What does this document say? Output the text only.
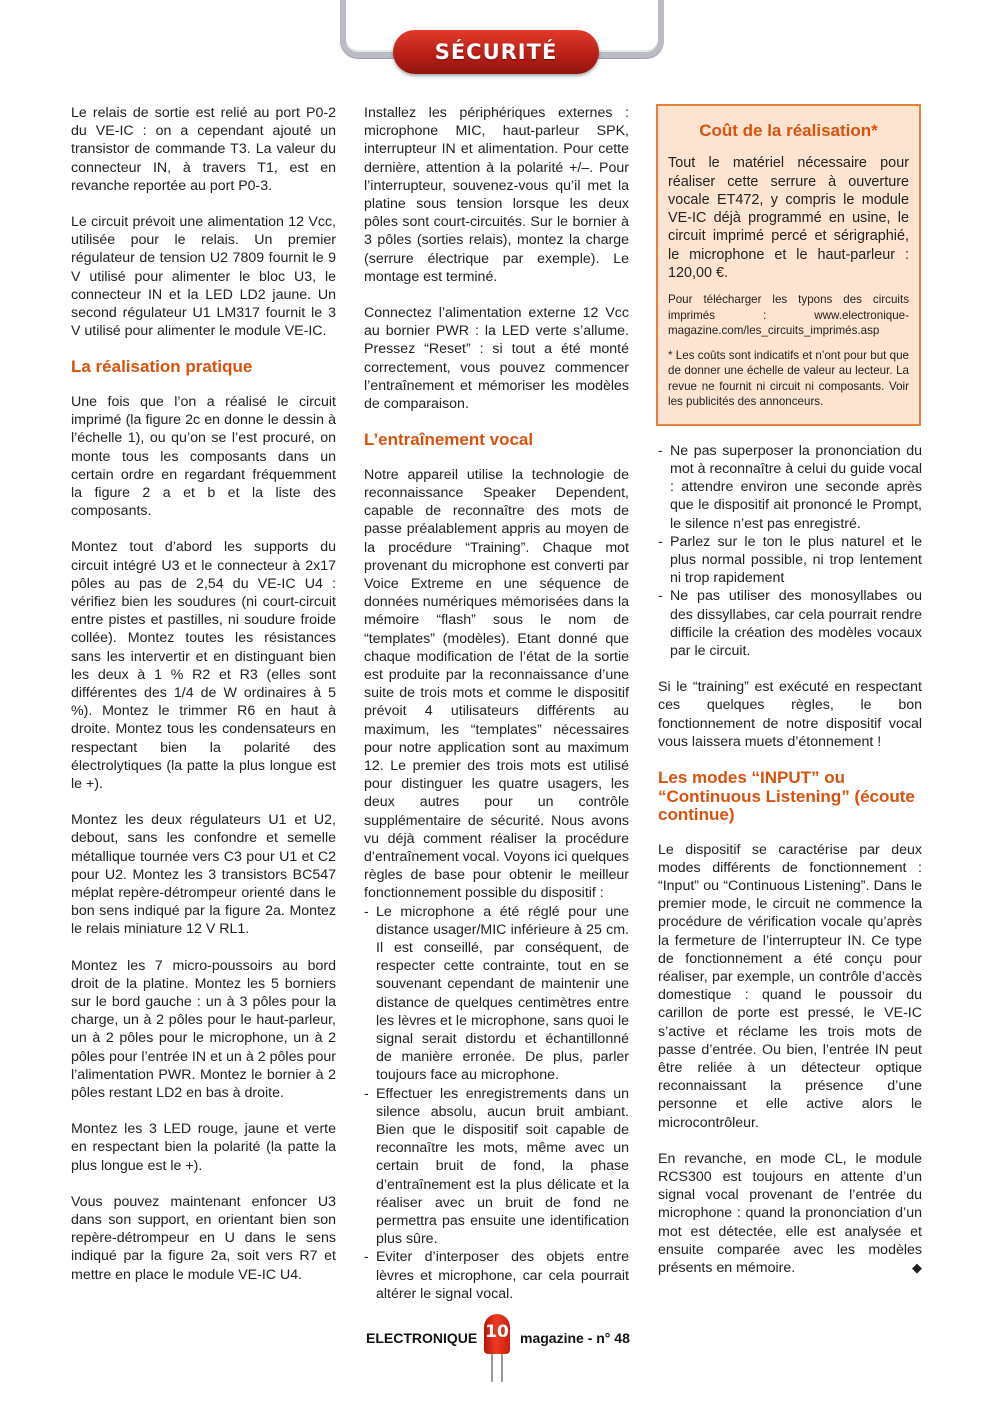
SÉCURITÉ

Le relais de sortie est relié au port P0-2 du VE-IC : on a cependant ajouté un transistor de commande T3. La valeur du connecteur IN, à travers T1, est en revanche reportée au port P0-3.

Le circuit prévoit une alimentation 12 Vcc, utilisée pour le relais. Un premier régulateur de tension U2 7809 fournit le 9 V utilisé pour alimenter le bloc U3, le connecteur IN et la LED LD2 jaune. Un second régulateur U1 LM317 fournit le 3 V utilisé pour alimenter le module VE-IC.

La réalisation pratique

Une fois que l’on a réalisé le circuit imprimé (la figure 2c en donne le dessin à l’échelle 1), ou qu’on se l’est procuré, on monte tous les composants dans un certain ordre en regardant fréquemment la figure 2 a et b et la liste des composants.

Montez tout d’abord les supports du circuit intégré U3 et le connecteur à 2x17 pôles au pas de 2,54 du VE-IC U4 : vérifiez bien les soudures (ni court-circuit entre pistes et pastilles, ni soudure froide collée). Montez toutes les résistances sans les intervertir et en distinguant bien les deux à 1 % R2 et R3 (elles sont différentes des 1/4 de W ordinaires à 5 %). Montez le trimmer R6 en haut à droite. Montez tous les condensateurs en respectant bien la polarité des électrolytiques (la patte la plus longue est le +).

Montez les deux régulateurs U1 et U2, debout, sans les confondre et semelle métallique tournée vers C3 pour U1 et C2 pour U2. Montez les 3 transistors BC547 méplat repère-détrompeur orienté dans le bon sens indiqué par la figure 2a. Montez le relais miniature 12 V RL1.

Montez les 7 micro-poussoirs au bord droit de la platine. Montez les 5 borniers sur le bord gauche : un à 3 pôles pour la charge, un à 2 pôles pour le haut-parleur, un à 2 pôles pour le microphone, un à 2 pôles pour l’entrée IN et un à 2 pôles pour l’alimentation PWR. Montez le bornier à 2 pôles restant LD2 en bas à droite.

Montez les 3 LED rouge, jaune et verte en respectant bien la polarité (la patte la plus longue est le +).

Vous pouvez maintenant enfoncer U3 dans son support, en orientant bien son repère-détrompeur en U dans le sens indiqué par la figure 2a, soit vers R7 et mettre en place le module VE-IC U4.

Installez les périphériques externes : microphone MIC, haut-parleur SPK, interrupteur IN et alimentation. Pour cette dernière, attention à la polarité +/–. Pour l’interrupteur, souvenez-vous qu’il met la platine sous tension lorsque les deux pôles sont court-circuités. Sur le bornier à 3 pôles (sorties relais), montez la charge (serrure électrique par exemple). Le montage est terminé.

Connectez l’alimentation externe 12 Vcc au bornier PWR : la LED verte s’allume. Pressez “Reset” : si tout a été monté correctement, vous pouvez commencer l’entraînement et mémoriser les modèles de comparaison.

L’entraînement vocal

Notre appareil utilise la technologie de reconnaissance Speaker Dependent, capable de reconnaître des mots de passe préalablement appris au moyen de la procédure “Training”. Chaque mot provenant du microphone est converti par Voice Extreme en une séquence de données numériques mémorisées dans la mémoire “flash” sous le nom de “templates” (modèles). Etant donné que chaque modification de l’état de la sortie est produite par la reconnaissance d’une suite de trois mots et comme le dispositif prévoit 4 utilisateurs différents au maximum, les “templates” nécessaires pour notre application sont au maximum 12. Le premier des trois mots est utilisé pour distinguer les quatre usagers, les deux autres pour un contrôle supplémentaire de sécurité. Nous avons vu déjà comment réaliser la procédure d’entraînement vocal. Voyons ici quelques règles de base pour obtenir le meilleur fonctionnement possible du dispositif :

- Le microphone a été réglé pour une distance usager/MIC inférieure à 25 cm. Il est conseillé, par conséquent, de respecter cette contrainte, tout en se souvenant cependant de maintenir une distance de quelques centimètres entre les lèvres et le microphone, sans quoi le signal serait distordu et échantillonné de manière erronée. De plus, parler toujours face au microphone.
- Effectuer les enregistrements dans un silence absolu, aucun bruit ambiant. Bien que le dispositif soit capable de reconnaître les mots, même avec un certain bruit de fond, la phase d’entraînement est la plus délicate et la réaliser avec un bruit de fond ne permettra pas ensuite une identification plus sûre.
- Eviter d’interposer des objets entre lèvres et microphone, car cela pourrait altérer le signal vocal.
Coût de la réalisation*

Tout le matériel nécessaire pour réaliser cette serrure à ouverture vocale ET472, y compris le module VE-IC déjà programmé en usine, le circuit imprimé percé et sérigraphié, le microphone et le haut-parleur : 120,00 €.

Pour télécharger les typons des circuits imprimés : www.electronique-magazine.com/les_circuits_imprimés.asp

* Les coûts sont indicatifs et n’ont pour but que de donner une échelle de valeur au lecteur. La revue ne fournit ni circuit ni composants. Voir les publicités des annonceurs.

- Ne pas superposer la prononciation du mot à reconnaître à celui du guide vocal : attendre environ une seconde après que le dispositif ait prononcé le Prompt, le silence n’est pas enregistré.
- Parlez sur le ton le plus naturel et le plus normal possible, ni trop lentement ni trop rapidement
- Ne pas utiliser des monosyllabes ou des dissyllabes, car cela pourrait rendre difficile la création des modèles vocaux par le circuit.

Si le “training” est exécuté en respectant ces quelques règles, le bon fonctionnement de notre dispositif vocal vous laissera muets d’étonnement !

Les modes “INPUT” ou “Continuous Listening” (écoute continue)

Le dispositif se caractérise par deux modes différents de fonctionnement : “Input” ou “Continuous Listening”. Dans le premier mode, le circuit ne commence la procédure de vérification vocale qu’après la fermeture de l’interrupteur IN. Ce type de fonctionnement a été conçu pour réaliser, par exemple, un contrôle d’accès domestique : quand le poussoir du carillon de porte est pressé, le VE-IC s’active et réclame les trois mots de passe d’entrée. Ou bien, l’entrée IN peut être reliée à un détecteur optique reconnaissant la présence d’une personne et elle active alors le microcontrôleur.

En revanche, en mode CL, le module RCS300 est toujours en attente d’un signal vocal provenant de l’entrée du microphone : quand la prononciation d’un mot est détectée, elle est analysée et ensuite comparée avec les modèles présents en mémoire.	◆

ELECTRONIQUE 10 magazine - n° 48
